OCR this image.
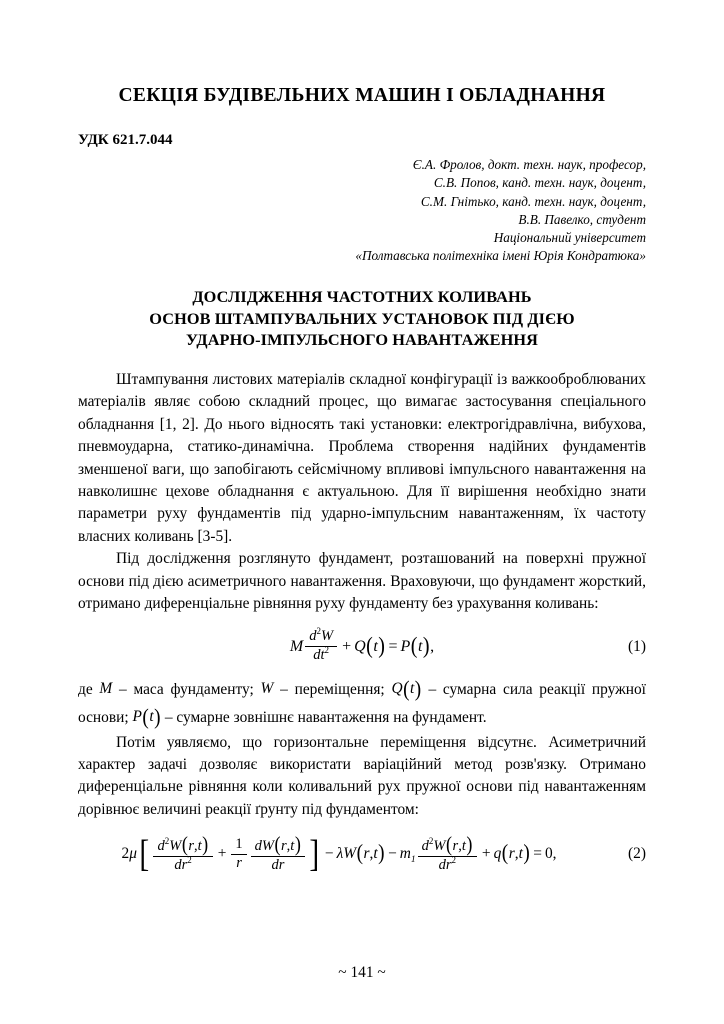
СЕКЦІЯ БУДІВЕЛЬНИХ МАШИН І ОБЛАДНАННЯ
УДК 621.7.044
Є.А. Фролов, докт. техн. наук, професор,
С.В. Попов, канд. техн. наук, доцент,
С.М. Гнітько, канд. техн. наук, доцент,
В.В. Павелко, студент
Національний університет
«Полтавська політехніка імені Юрія Кондратюка»
ДОСЛІДЖЕННЯ ЧАСТОТНИХ КОЛИВАНЬ
ОСНОВ ШТАМПУВАЛЬНИХ УСТАНОВОК ПІД ДІЄЮ
УДАРНО-ІМПУЛЬСНОГО НАВАНТАЖЕННЯ

Штампування листових матеріалів складної конфігурації із важкооброблюваних матеріалів являє собою складний процес, що вимагає застосування спеціального обладнання [1, 2]. До нього відносять такі установки: електрогідравлічна, вибухова, пневмоударна, статико-динамічна. Проблема створення надійних фундаментів зменшеної ваги, що запобігають сейсмічному впливові імпульсного навантаження на навколишнє цехове обладнання є актуальною. Для її вирішення необхідно знати параметри руху фундаментів під ударно-імпульсним навантаженням, їх частоту власних коливань [3-5].

Під дослідження розглянуто фундамент, розташований на поверхні пружної основи під дією асиметричного навантаження. Враховуючи, що фундамент жорсткий, отримано диференціальне рівняння руху фундаменту без урахування коливань:

M $\frac{d^2W}{dt^2} + Q$ ( t ) = P ( t ) ,	(1)

де M – маса фундаменту; W – переміщення; Q ( t ) – сумарна сила реакції пружної основи; P ( t ) – сумарне зовнішнє навантаження на фундамент.

Потім уявляємо, що горизонтальне переміщення відсутнє. Асиметричний характер задачі дозволяє використати варіаційний метод розв'язку. Отримано диференціальне рівняння коли коливальний рух пружної основи під навантаженням дорівнює величині реакції ґрунту під фундаментом:

2 μ [ $\frac{d^2W(r,t)}{dr^2} + \frac{1}{r} \frac{dW(r,t)}{dr}$ ] − λ W ( r , t ) − $m_1 \frac{d^2W(r,t)}{dr^2} + q$ ( r , t ) = 0 ,	(2)
~ 141 ~
